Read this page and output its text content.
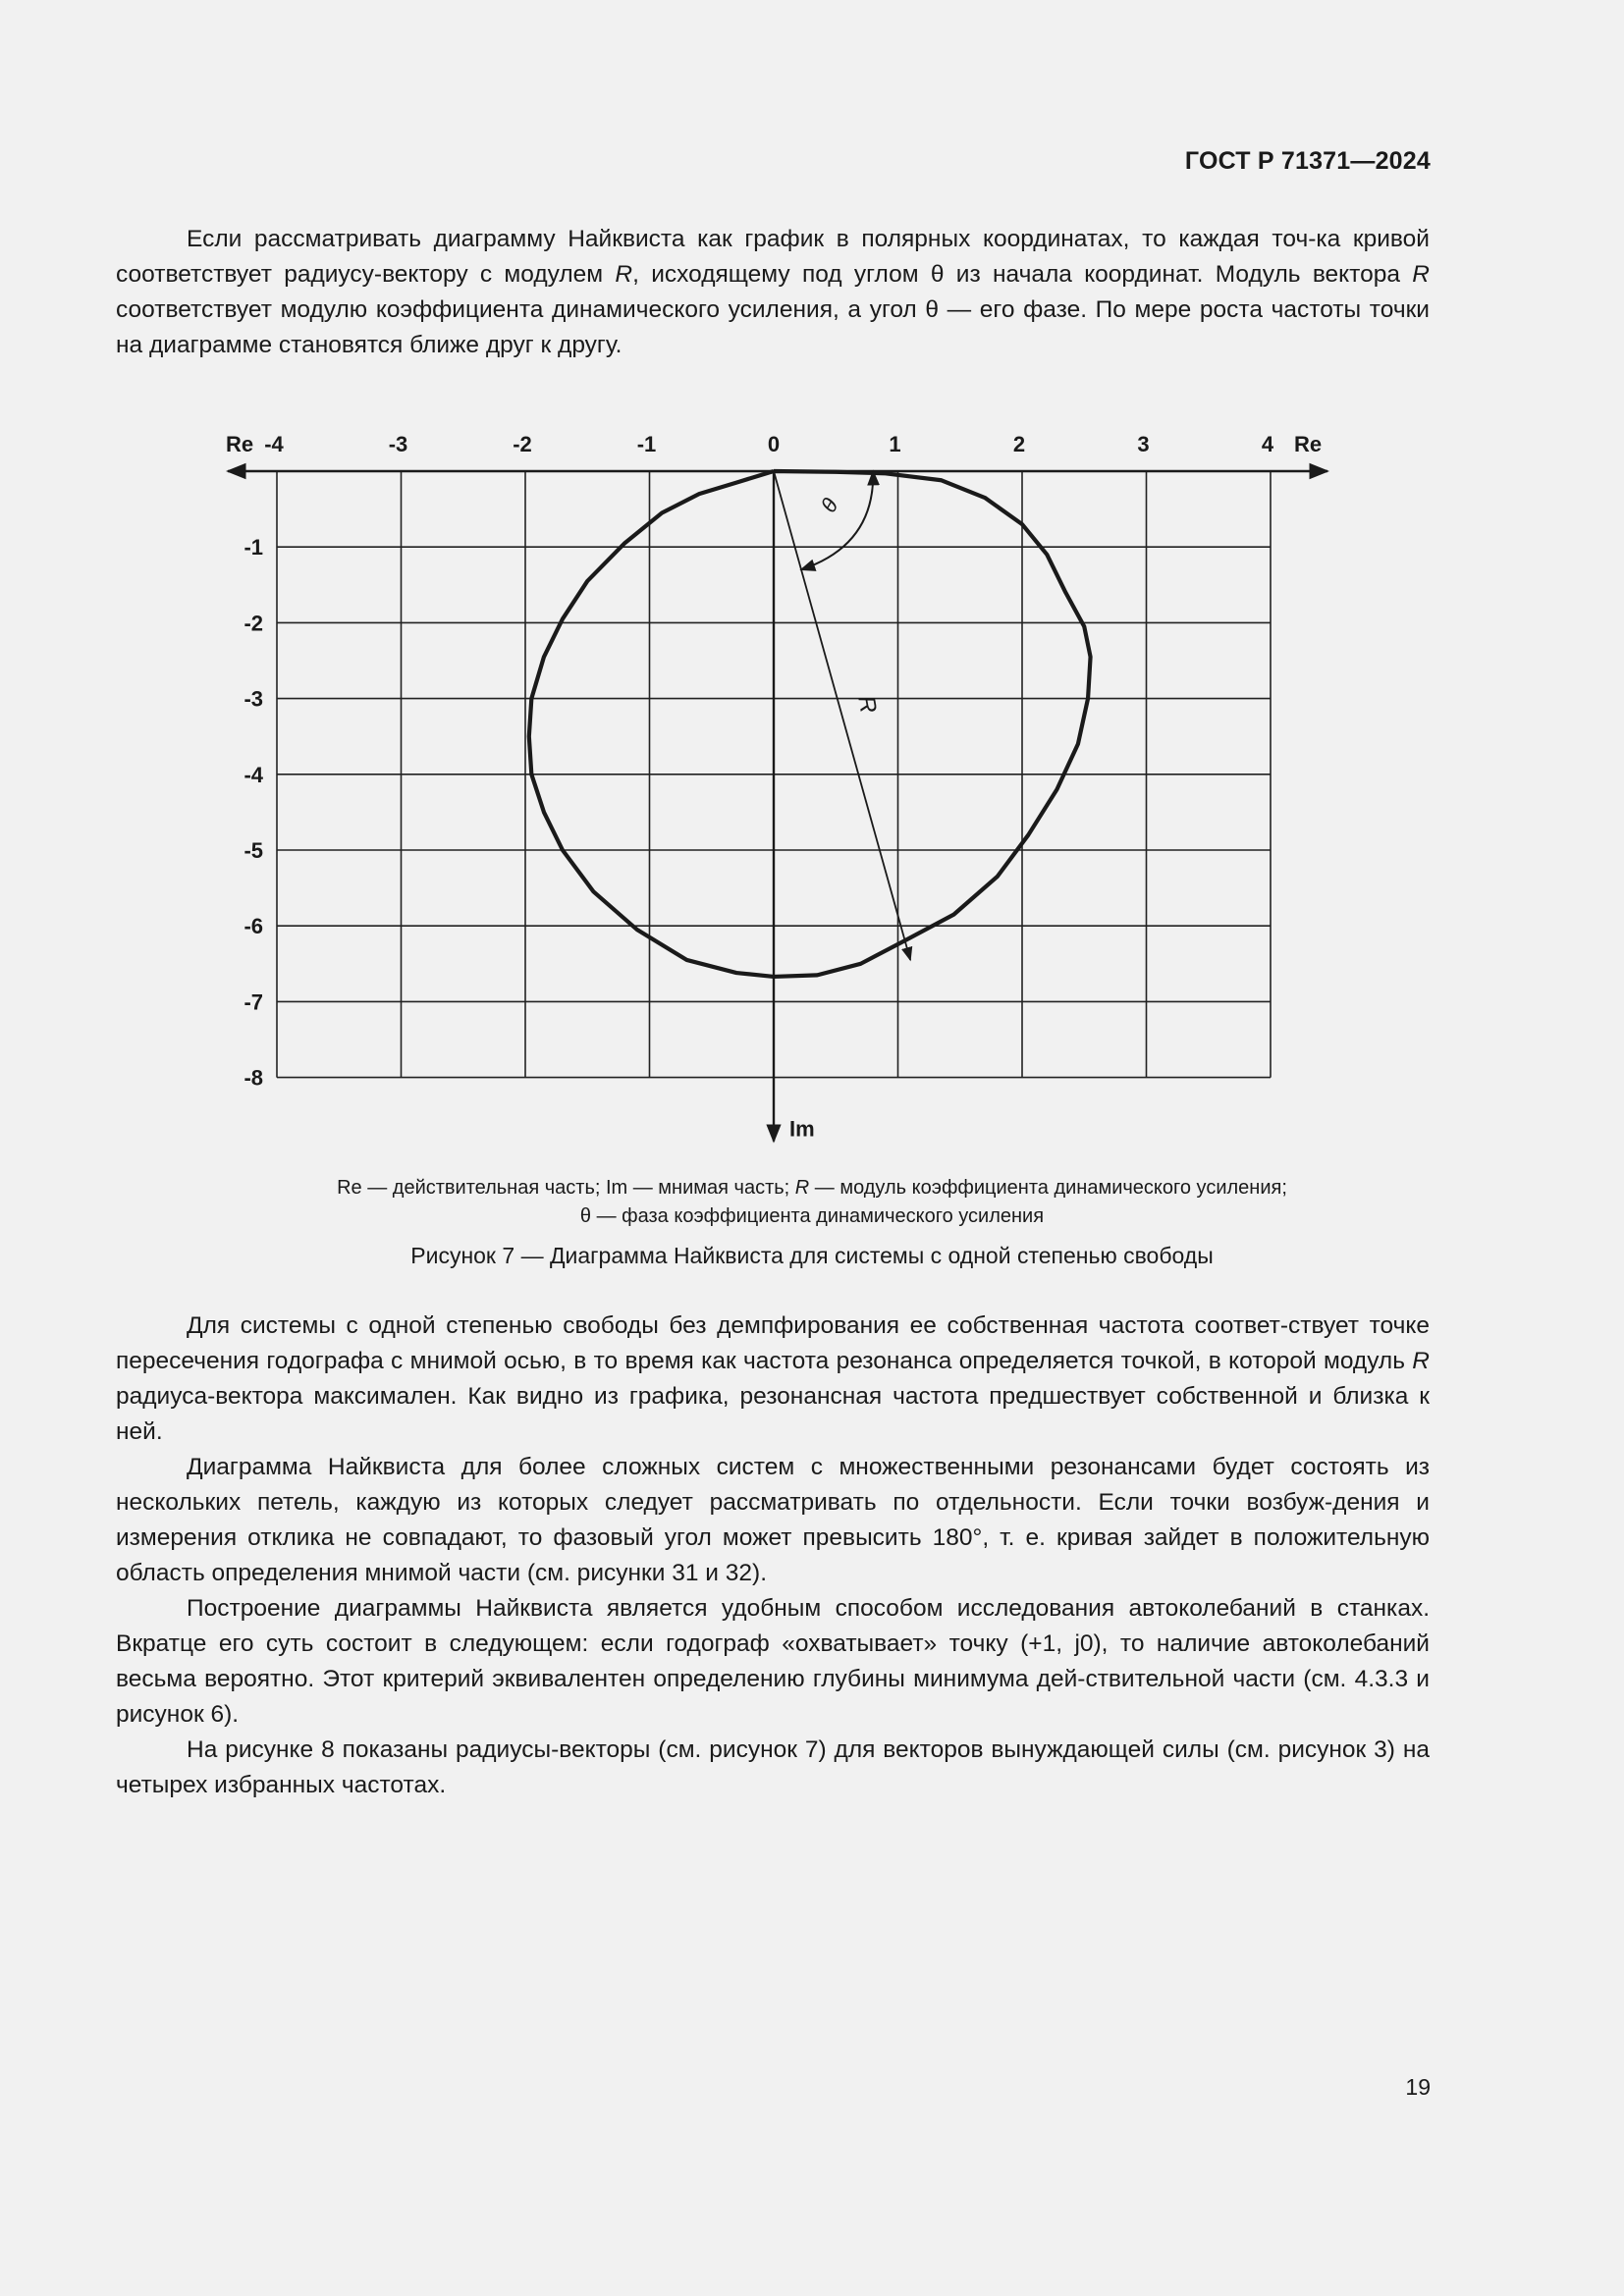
ГОСТ Р 71371—2024

Если рассматривать диаграмму Найквиста как график в полярных координатах, то каждая точ-ка кривой соответствует радиусу-вектору с модулем R, исходящему под углом θ из начала координат. Модуль вектора R соответствует модулю коэффициента динамического усиления, а угол θ — его фазе. По мере роста частоты точки на диаграмме становятся ближе друг к другу.

-4	-3	-2	-1	0	1	2	3	4
-1
-2
-3
-4
-5
-6
-7
-8
Re	Re
Im
R
θ
Re — действительная часть; Im — мнимая часть; R — модуль коэффициента динамического усиления;
θ — фаза коэффициента динамического усиления
Рисунок 7 — Диаграмма Найквиста для системы с одной степенью свободы

Для системы с одной степенью свободы без демпфирования ее собственная частота соответ-ствует точке пересечения годографа с мнимой осью, в то время как частота резонанса определяется точкой, в которой модуль R радиуса-вектора максимален. Как видно из графика, резонансная частота предшествует собственной и близка к ней.

Диаграмма Найквиста для более сложных систем с множественными резонансами будет состоять из нескольких петель, каждую из которых следует рассматривать по отдельности. Если точки возбуж-дения и измерения отклика не совпадают, то фазовый угол может превысить 180°, т. е. кривая зайдет в положительную область определения мнимой части (см. рисунки 31 и 32).

Построение диаграммы Найквиста является удобным способом исследования автоколебаний в станках. Вкратце его суть состоит в следующем: если годограф «охватывает» точку (+1, j0), то наличие автоколебаний весьма вероятно. Этот критерий эквивалентен определению глубины минимума дей-ствительной части (см. 4.3.3 и рисунок 6).

На рисунке 8 показаны радиусы-векторы (см. рисунок 7) для векторов вынуждающей силы (см. рисунок 3) на четырех избранных частотах.

19
